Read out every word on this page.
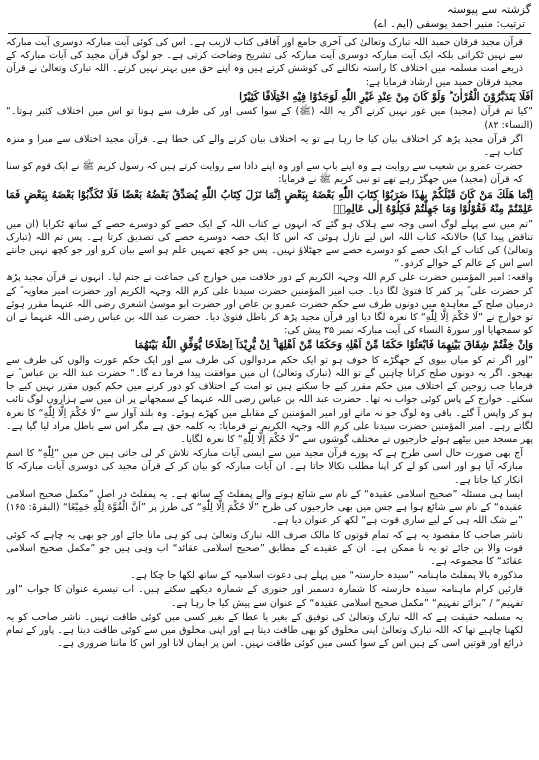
گزشتہ سے پیوستہ

ترتیب: منیر احمد یوسفی (ایم۔ اے)

قرآن مجید فرقان حمید اللہ تبارک وتعالیٰ کی آخری جامع اور آفاقی کتاب لاریب ہے۔ اس کی کوئی آیت مبارکہ دوسری آیت مبارکہ سے نہیں ٹکراتی بلکہ ایک آیت مبارکہ دوسری آیت مبارکہ کی تشریح وضاحت کرتی ہے۔ جو لوگ قرآن مجید کی آیات مبارکہ کے ذریعے امت مسلمہ میں اختلاف کا راستہ نکالنے کی کوشش کرتے ہیں وہ اپنے حق میں بہتر نہیں کرتے۔ اللہ تبارک وتعالیٰ نے قرآن مجید فرقان حمید میں ارشاد فرمایا ہے:

اَفَلَا یَتَدَبَّرُوْنَ الْقُرْاٰنَ ؕ وَلَوْ كَانَ مِنْ عِنْدِ غَيْرِ اللّٰهِ لَوَجَدُوْا فِيْهِ اخْتِلَافًا كَثِيْرًا

”کیا تم قرآن (مجید) میں غور نہیں کرتے اگر یہ اللہ (ﷺ) کے سوا کسی اور کی طرف سے ہوتا تو اس میں اختلاف کثیر ہوتا۔“ (النساء: ۸۲)

اگر قرآن مجید پڑھ کر اختلاف بیان کیا جا رہا ہے تو یہ اختلاف بیان کرنے والے کی خطا ہے۔ قرآن مجید اختلاف سے مبرا و منزہ کتاب ہے۔

حضرت عمرو بن شعیب سے روایت ہے وہ اپنے باپ سے اور وہ اپنے دادا سے روایت کرتے ہیں کہ رسول کریم ﷺ نے ایک قوم کو سنا کہ قرآن (مجید) میں جھگڑ رہے تھے تو نبی کریم ﷺ نے فرمایا:

اِنَّمَا هَلَكَ مَنْ كَانَ قَبْلَكُمْ بِهٰذَا ضَرَبُوْا كِتَابَ اللّٰهِ بَعْضَهُ بِبَعْضٍ اِنَّمَا نَزَلَ كِتَابُ اللّٰهِ يُصَدِّقُ بَعْضُهُ بَعْضًا فَلَا تُكَذِّبُوْا بَعْضَهُ بِبَعْضٍ فَمَا عَلِمْتُمْ مِنْهُ فَقُوْلُوْا وَمَا جَهِلْتُمْ فَكِلُوْهُ اِلٰى عَالِمِهٖ

”تم میں سے پہلے لوگ اسی وجہ سے ہلاک ہو گئے کہ انہوں نے کتاب اللہ کے ایک حصے کو دوسرے حصے کے ساتھ ٹکرایا (ان میں تناقض پیدا کیا) حالانکہ کتاب اللہ اس لیے نازل ہوئی کہ اس کا ایک حصہ دوسرے حصے کی تصدیق کرتا ہے۔ پس تم اللہ (تبارک وتعالیٰ) کی کتاب کے ایک حصے کو دوسرے حصے سے جھٹلاؤ نہیں۔ پس جو کچھ تمہیں علم ہو اسے بیان کرو اور جو کچھ نہیں جانتے اسے اس کے عالم کے حوالے کردو۔“

واقعہ: امیر المؤمنین حضرت علی کرم اللہ وجہہ الکریم کے دور خلافت میں خوارج کی جماعت نے جنم لیا۔ انہوں نے قرآن مجید پڑھ کر حضرت علی ؓ پر کفر کا فتویٰ لگا دیا۔ جب امیر المؤمنین حضرت سیدنا علی کرم اللہ وجہہ الکریم اور حضرت امیر معاویہ ؓ کے درمیان صلح کے معاہدہ میں دونوں طرف سے حکم حضرت عمرو بن عاص اور حضرت ابو موسیٰ اشعری رضی اللہ عنہما مقرر ہوئے تو خوارج نے ”لَا حُكْمَ اِلَّا لِلّٰهِ“ کا نعرہ لگا دیا اور قرآن مجید پڑھ کر باطل فتویٰ دیا۔ حضرت عبد اللہ بن عباس رضی اللہ عنہما نے ان کو سمجھایا اور سورۃ النساء کی آیت مبارکہ نمبر ۳۵ پیش کی:

وَاِنْ خِفْتُمْ شِقَاقَ بَيْنِهِمَا فَابْعَثُوْا حَكَمًا مِّنْ اَهْلِهٖ وَحَكَمًا مِّنْ اَهْلِهَا ۚ اِنْ يُّرِيْدَآ اِصْلَاحًا يُّوَفِّقِ اللّٰهُ بَيْنَهُمَا

”اور اگر تم کو میاں بیوی کے جھگڑے کا خوف ہو تو ایک حکم مردوالوں کی طرف سے اور ایک حکم عورت والوں کی طرف سے بھیجو۔ اگر یہ دونوں صلح کرانا چاہیں گے تو اللہ (تبارک وتعالیٰ) ان میں موافقت پیدا فرما دے گا۔“ حضرت عبد اللہ بن عباس ؓ نے فرمایا جب زوجین کے اختلاف میں حکم مقرر کیے جا سکتے ہیں تو امت کے اختلاف کو دور کرنے میں حکم کیوں مقرر نہیں کیے جا سکتے۔ خوارج کے پاس کوئی جواب نہ تھا۔ حضرت عبد اللہ بن عباس رضی اللہ عنہما کے سمجھانے پر ان میں سے ہزاروں لوگ تائب ہو کر واپس آ گئے۔ باقی وہ لوگ جو نہ مانے اور امیر المؤمنین کے مقابلے میں کھڑے ہوئے۔ وہ بلند آواز سے ”لَا حُكْمَ اِلَّا لِلّٰهِ“ کا نعرہ لگاتے رہے۔ امیر المؤمنین حضرت سیدنا علی کرم اللہ وجہہ الکریم نے فرمایا: یہ کلمہ حق ہے مگر اس سے باطل مراد لیا گیا ہے۔ پھر مسجد میں بیٹھے ہوئے خارجیوں نے مختلف گوشوں سے ”لَا حُكْمَ اِلَّا لِلّٰهِ“ کا نعرہ لگایا۔

آج بھی صورت حال اسی طرح ہے کہ پورے قرآن مجید میں سے ایسی آیات مبارکہ تلاش کر لی جاتی ہیں جن میں ”لِلّٰهِ“ کا اسم مبارکہ آیا ہو اور اسی کو لے کر اپنا مطلب نکالا جاتا ہے۔ ان آیات مبارکہ کو بیان کر کے قرآن مجید کی دوسری آیات مبارکہ کا انکار کیا جاتا ہے۔

ایسا ہی مسئلہ ”صحیح اسلامی عقیدہ“ کے نام سے شائع ہونے والے پمفلٹ کے ساتھ ہے۔ یہ پمفلٹ در اصل ”مکمل صحیح اسلامی عقیدہ“ کے نام سے شائع ہوا ہے جس میں بھی خارجیوں کی طرح ”لَا حُكْمَ اِلَّا لِلّٰهِ“ کی طرز پر ”اَنَّ الْقُوَّةَ لِلّٰهِ جَمِيْعًا“ (البقرۃ: ۱۶۵) ”بے شک اللہ ہی کے لیے ساری قوت ہے“ لکھ کر عنوان دیا ہے۔

ناشر صاحب کا مقصود یہ ہے کہ تمام قوتوں کا مالک صرف اللہ تبارک وتعالیٰ ہی کو ہی مانا جائے اور جو بھی یہ چاہے کہ کوئی قوت والا بن جائے تو یہ نا ممکن ہے۔ ان کے عقیدے کے مطابق ”صحیح اسلامی عقائد“ اب وہی ہیں جو ”مکمل صحیح اسلامی عقائد“ کا مجموعہ ہے۔

مذکورہ بالا پمفلٹ ماہنامہ ”سیدہ حارستہ“ میں پہلے ہی دعوت اسلامیہ کے ساتھ لکھا جا چکا ہے۔

قارئین کرام ماہنامہ سیدہ حارستہ کا شمارہ دسمبر اور جنوری کے شمارہ دیکھے سکتے ہیں۔ اب تیسرے عنوان کا جواب ”اور تفہیم“ / ”برائے تفہیم“ ”مکمل صحیح اسلامی عقیدہ“ کے عنوان سے پیش کیا جا رہا ہے۔

یہ مسلمہ حقیقت ہے کہ اللہ تبارک وتعالیٰ کی توفیق کے بغیر یا عطا کے بغیر کسی میں کوئی طاقت نہیں۔ ناشر صاحب کو یہ لکھنا چاہیے تھا کہ اللہ تبارک وتعالیٰ اپنی مخلوق کو بھی طاقت دیتا ہے اور اپنی مخلوق میں سے کوئی طاقت دیتا ہے۔ پاور کے تمام ذرائع اور قوتیں اسی کے ہیں اس کے سوا کسی میں کوئی طاقت نہیں۔ اس پر ایمان لانا اور اس کا ماننا ضروری ہے۔
